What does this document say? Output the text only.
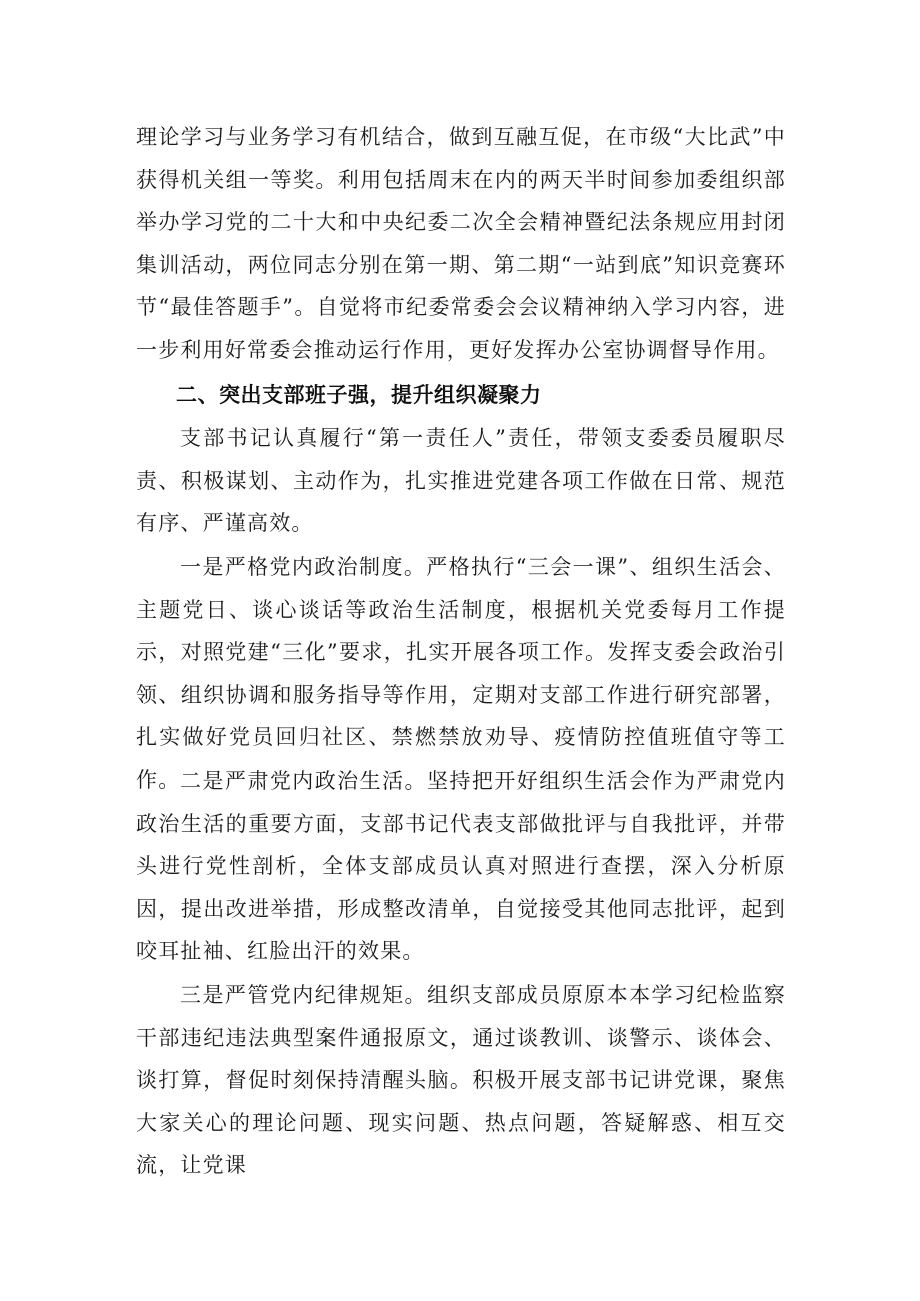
理论学习与业务学习有机结合，做到互融互促，在市级“大比武”中获得机关组一等奖。利用包括周末在内的两天半时间参加委组织部举办学习党的二十大和中央纪委二次全会精神暨纪法条规应用封闭集训活动，两位同志分别在第一期、第二期“一站到底”知识竞赛环节“最佳答题手”。自觉将市纪委常委会会议精神纳入学习内容，进一步利用好常委会推动运行作用，更好发挥办公室协调督导作用。

二、突出支部班子强，提升组织凝聚力

支部书记认真履行“第一责任人”责任，带领支委委员履职尽责、积极谋划、主动作为，扎实推进党建各项工作做在日常、规范有序、严谨高效。

一是严格党内政治制度。严格执行“三会一课”、组织生活会、主题党日、谈心谈话等政治生活制度，根据机关党委每月工作提示，对照党建“三化”要求，扎实开展各项工作。发挥支委会政治引领、组织协调和服务指导等作用，定期对支部工作进行研究部署，扎实做好党员回归社区、禁燃禁放劝导、疫情防控值班值守等工作。 二是严肃党内政治生活。坚持把开好组织生活会作为严肃党内政治生活的重要方面，支部书记代表支部做批评与自我批评，并带头进行党性剖析，全体支部成员认真对照进行查摆，深入分析原因，提出改进举措，形成整改清单，自觉接受其他同志批评，起到咬耳扯袖、红脸出汗的效果。

三是严管党内纪律规矩。组织支部成员原原本本学习纪检监察干部违纪违法典型案件通报原文，通过谈教训、谈警示、谈体会、谈打算，督促时刻保持清醒头脑。积极开展支部书记讲党课，聚焦大家关心的理论问题、现实问题、热点问题，答疑解惑、相互交流，让党课
